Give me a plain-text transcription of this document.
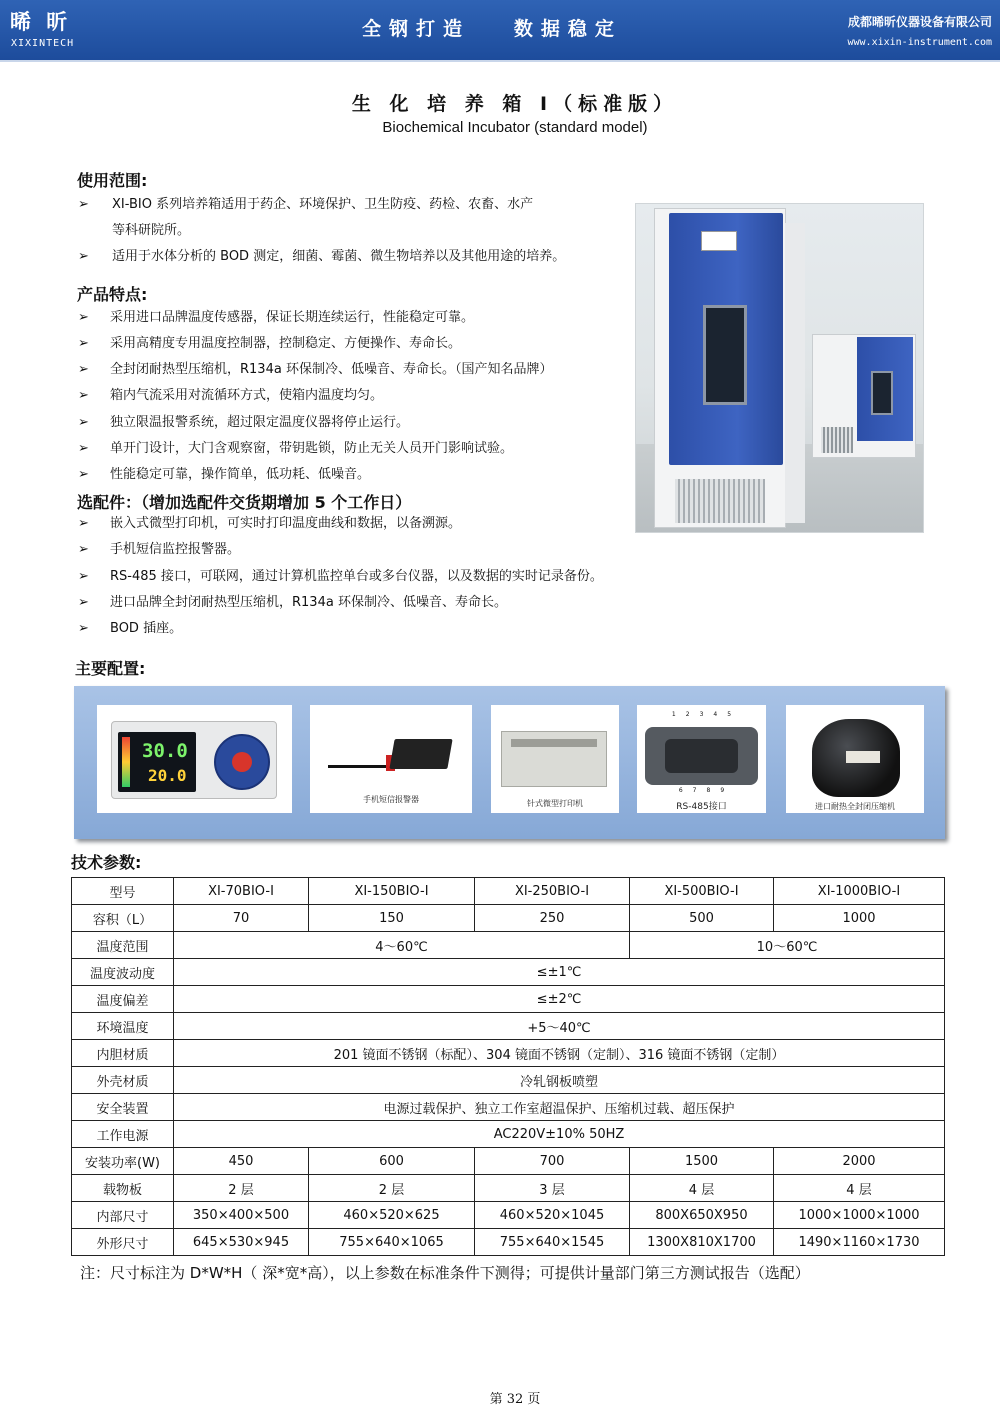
晞 昕
XIXINTECH
全钢打造   数据稳定	成都晞昕仪器设备有限公司
www.xixin-instrument.com
生 化 培 养 箱 Ⅰ（标准版）
Biochemical Incubator (standard model)
使用范围:
➢ XI-BIO 系列培养箱适用于药企、环境保护、卫生防疫、药检、农畜、水产
等科研院所。
➢ 适用于水体分析的 BOD 测定，细菌、霉菌、微生物培养以及其他用途的培养。
产品特点:
➢ 采用进口品牌温度传感器，保证长期连续运行，性能稳定可靠。
➢ 采用高精度专用温度控制器，控制稳定、方便操作、寿命长。
➢ 全封闭耐热型压缩机，R134a 环保制冷、低噪音、寿命长。（国产知名品牌）
➢ 箱内气流采用对流循环方式，使箱内温度均匀。
➢ 独立限温报警系统，超过限定温度仪器将停止运行。
➢ 单开门设计，大门含观察窗，带钥匙锁，防止无关人员开门影响试验。
➢ 性能稳定可靠，操作简单，低功耗、低噪音。
选配件：（增加选配件交货期增加 5 个工作日）
➢ 嵌入式微型打印机，可实时打印温度曲线和数据，以备溯源。
➢ 手机短信监控报警器。
➢ RS-485 接口，可联网，通过计算机监控单台或多台仪器，以及数据的实时记录备份。
➢ 进口品牌全封闭耐热型压缩机，R134a 环保制冷、低噪音、寿命长。
➢ BOD 插座。
主要配置:
30.0
20.0
手机短信报警器	针式微型打印机
1 2 3 4 5
6 7 8 9
RS-485接口	进口耐热全封闭压缩机
技术参数:
型号	XI-70BIO-Ⅰ	XI-150BIO-Ⅰ	XI-250BIO-Ⅰ	XI-500BIO-Ⅰ	XI-1000BIO-Ⅰ
容积（L）	70	150	250	500	1000
温度范围	4～60℃			10～60℃	
温度波动度	≤±1℃				
温度偏差	≤±2℃				
环境温度	+5～40℃				
内胆材质	201 镜面不锈钢（标配）、304 镜面不锈钢（定制）、316 镜面不锈钢（定制）				
外壳材质	冷轧钢板喷塑				
安全装置	电源过载保护、独立工作室超温保护、压缩机过载、超压保护				
工作电源	AC220V±10% 50HZ				
安装功率(W)	450	600	700	1500	2000
载物板	2 层	2 层	3 层	4 层	4 层
内部尺寸	350×400×500	460×520×625	460×520×1045	800X650X950	1000×1000×1000
外形尺寸	645×530×945	755×640×1065	755×640×1545	1300X810X1700	1490×1160×1730
注：尺寸标注为 D*W*H（ 深*宽*高），以上参数在标准条件下测得；可提供计量部门第三方测试报告（选配）
第 32 页
